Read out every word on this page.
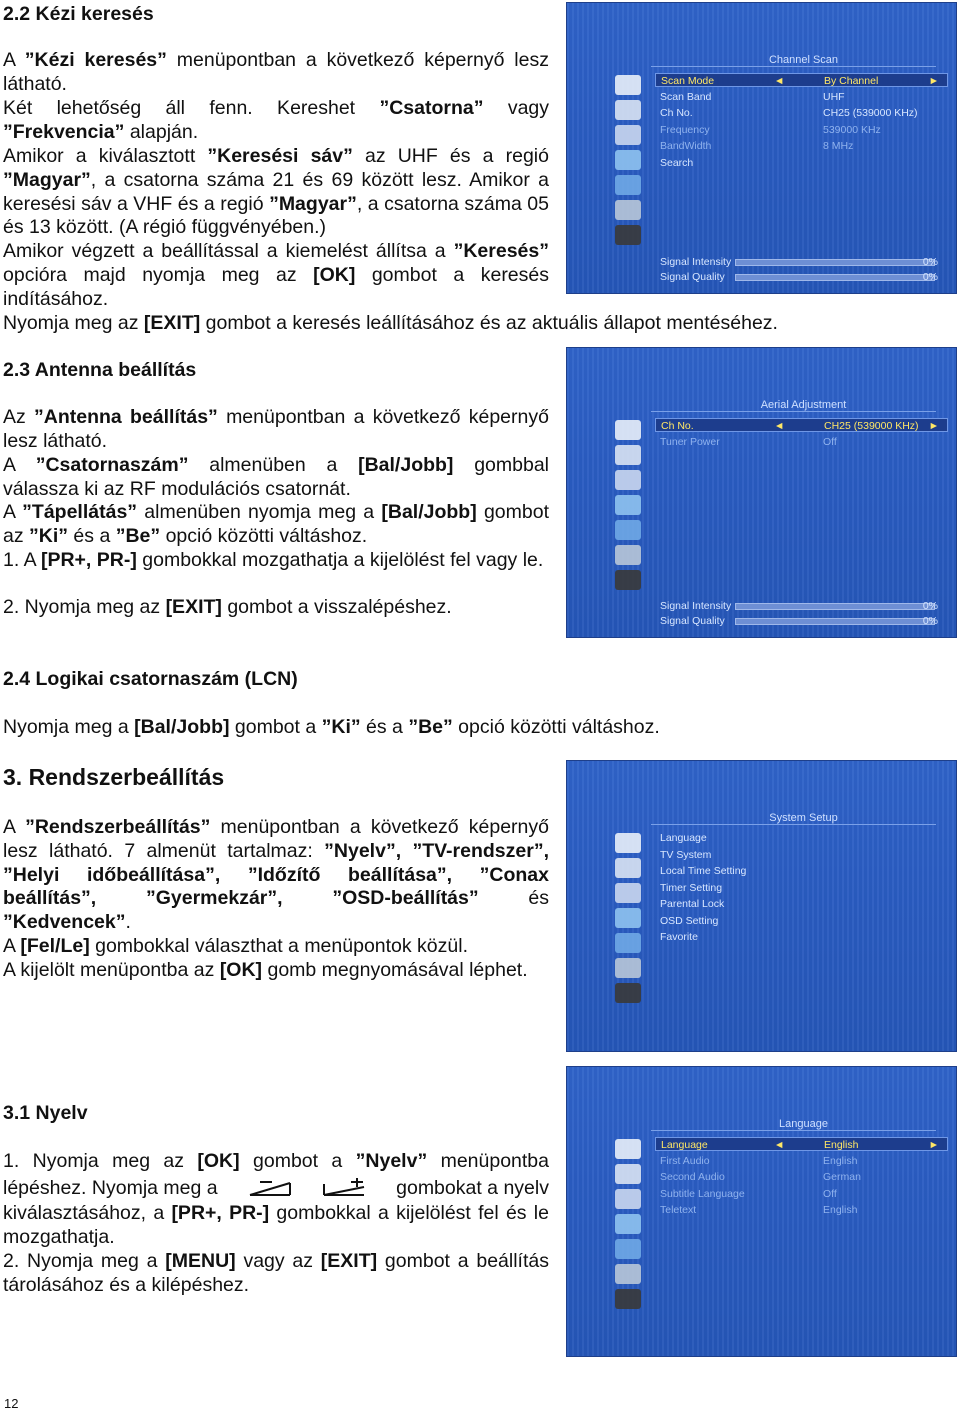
2.2 Kézi keresés
A ”Kézi keresés” menüpontban a következő képernyő lesz látható.
Két lehetőség áll fenn. Kereshet ”Csatorna” vagy ”Frekvencia” alapján.
Amikor a kiválasztott ”Keresési sáv” az UHF és a regió ”Magyar”, a csatorna száma 21 és 69 között lesz. Amikor a keresési sáv a VHF és a regió ”Magyar”, a csatorna száma 05 és 13 között. (A régió függvényében.)
Amikor végzett a beállítással a kiemelést állítsa a ”Keresés” opcióra majd nyomja meg az [OK] gombot a keresés indításához.
Nyomja meg az [EXIT] gombot a keresés leállításához és az aktuális állapot mentéséhez.
2.3 Antenna beállítás
Az ”Antenna beállítás” menüpontban a következő képernyő lesz látható.
A ”Csatornaszám” almenüben a [Bal/Jobb] gombbal válassza ki az RF modulációs csatornát.
A ”Tápellátás” almenüben nyomja meg a [Bal/Jobb] gombot az ”Ki” és a ”Be” opció közötti váltáshoz.
1. A [PR+, PR-] gombokkal mozgathatja a kijelölést fel vagy le.
2. Nyomja meg az [EXIT] gombot a visszalépéshez.
2.4 Logikai csatornaszám (LCN)
Nyomja meg a [Bal/Jobb] gombot a ”Ki” és a ”Be” opció közötti váltáshoz.
3. Rendszerbeállítás
A ”Rendszerbeállítás” menüpontban a következő képernyő lesz látható. 7 almenüt tartalmaz: ”Nyelv”, ”TV-rendszer”, ”Helyi időbeállítása”, ”Időzítő beállítása”, ”Conax beállítás”, ”Gyermekzár”, ”OSD-beállítás” és ”Kedvencek”.
A [Fel/Le] gombokkal választhat a menüpontok közül.
A kijelölt menüpontba az [OK] gomb megnyomásával léphet.
3.1 Nyelv
1. Nyomja meg az [OK] gombot a ”Nyelv” menüpontba
lépéshez. Nyomja meg a	gombokat a nyelv
kiválasztásához, a [PR+, PR-] gombokkal a kijelölést fel és le mozgathatja.
2. Nyomja meg a [MENU] vagy az [EXIT] gombot a beállítás tárolásához és a kilépéshez.
12
Channel Scan
Scan Mode	By Channel
◄	►
Scan Band	UHF
Ch No.	CH25 (539000 KHz)
Frequency	539000 KHz
BandWidth	8 MHz
Search
Signal Intensity	0%
Signal Quality	0%
Aerial Adjustment
Ch No.	CH25 (539000 KHz)
◄	►
Tuner Power	Off
Signal Intensity	0%
Signal Quality	0%
System Setup
Language
TV System
Local Time Setting
Timer Setting
Parental Lock
OSD Setting
Favorite
Language
Language	English
◄	►
First Audio	English
Second Audio	German
Subtitle Language	Off
Teletext	English
